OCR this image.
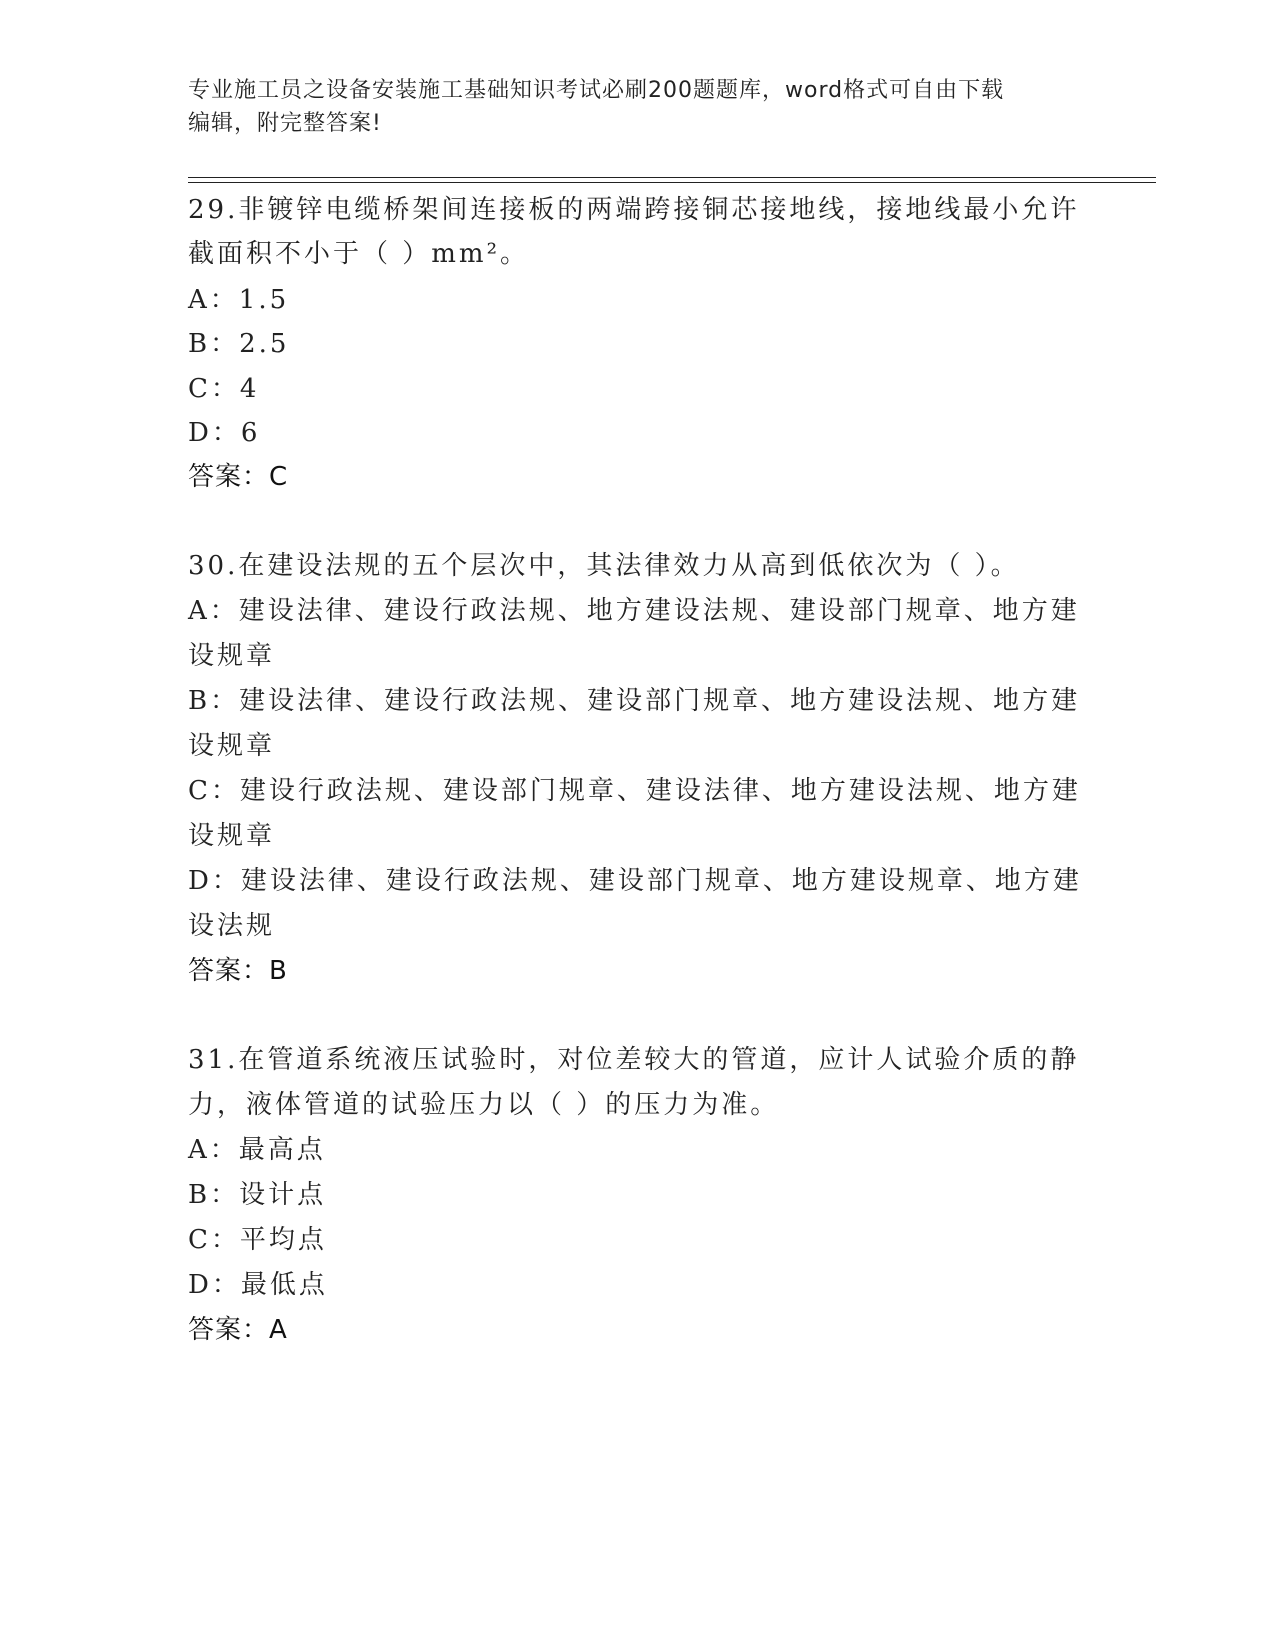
专业施工员之设备安装施工基础知识考试必刷200题题库，word格式可自由下载
编辑，附完整答案!
29.非镀锌电缆桥架间连接板的两端跨接铜芯接地线，接地线最小允许
截面积不小于（ ）mm²。
A：1.5
B：2.5
C：4
D：6
答案：C
30.在建设法规的五个层次中，其法律效力从高到低依次为（ ）。
A：建设法律、建设行政法规、地方建设法规、建设部门规章、地方建
设规章
B：建设法律、建设行政法规、建设部门规章、地方建设法规、地方建
设规章
C：建设行政法规、建设部门规章、建设法律、地方建设法规、地方建
设规章
D：建设法律、建设行政法规、建设部门规章、地方建设规章、地方建
设法规
答案：B
31.在管道系统液压试验时，对位差较大的管道，应计人试验介质的静
力，液体管道的试验压力以（ ）的压力为准。
A：最高点
B：设计点
C：平均点
D：最低点
答案：A
